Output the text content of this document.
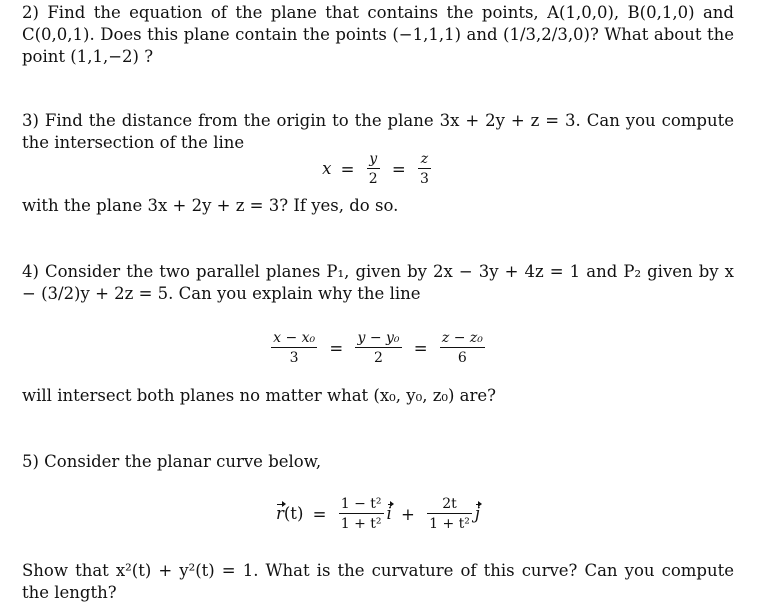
2) Find the equation of the plane that contains the points, A(1,0,0), B(0,1,0) and C(0,0,1). Does this plane contain the points (−1,1,1) and (1/3,2/3,0)? What about the point (1,1,−2) ?

3) Find the distance from the origin to the plane 3x + 2y + z = 3. Can you compute the intersection of the line

$x = \frac{y}{2} = \frac{z}{3}$

with the plane 3x + 2y + z = 3? If yes, do so.

4) Consider the two parallel planes P₁, given by 2x − 3y + 4z = 1 and P₂ given by x − (3/2)y + 2z = 5. Can you explain why the line

$\frac{\text{x − x₀}}{3} = \frac{\text{y − y₀}}{2} = \frac{\text{z − z₀}}{6}$

will intersect both planes no matter what (x₀, y₀, z₀) are?

5) Consider the planar curve below,

$r(t) = \frac{\text{1 − t²}}{\text{1 + t²}}$ $i + \frac{2t}{\text{1 + t²}}$ j

Show that x²(t) + y²(t) = 1. What is the curvature of this curve? Can you compute the length?
